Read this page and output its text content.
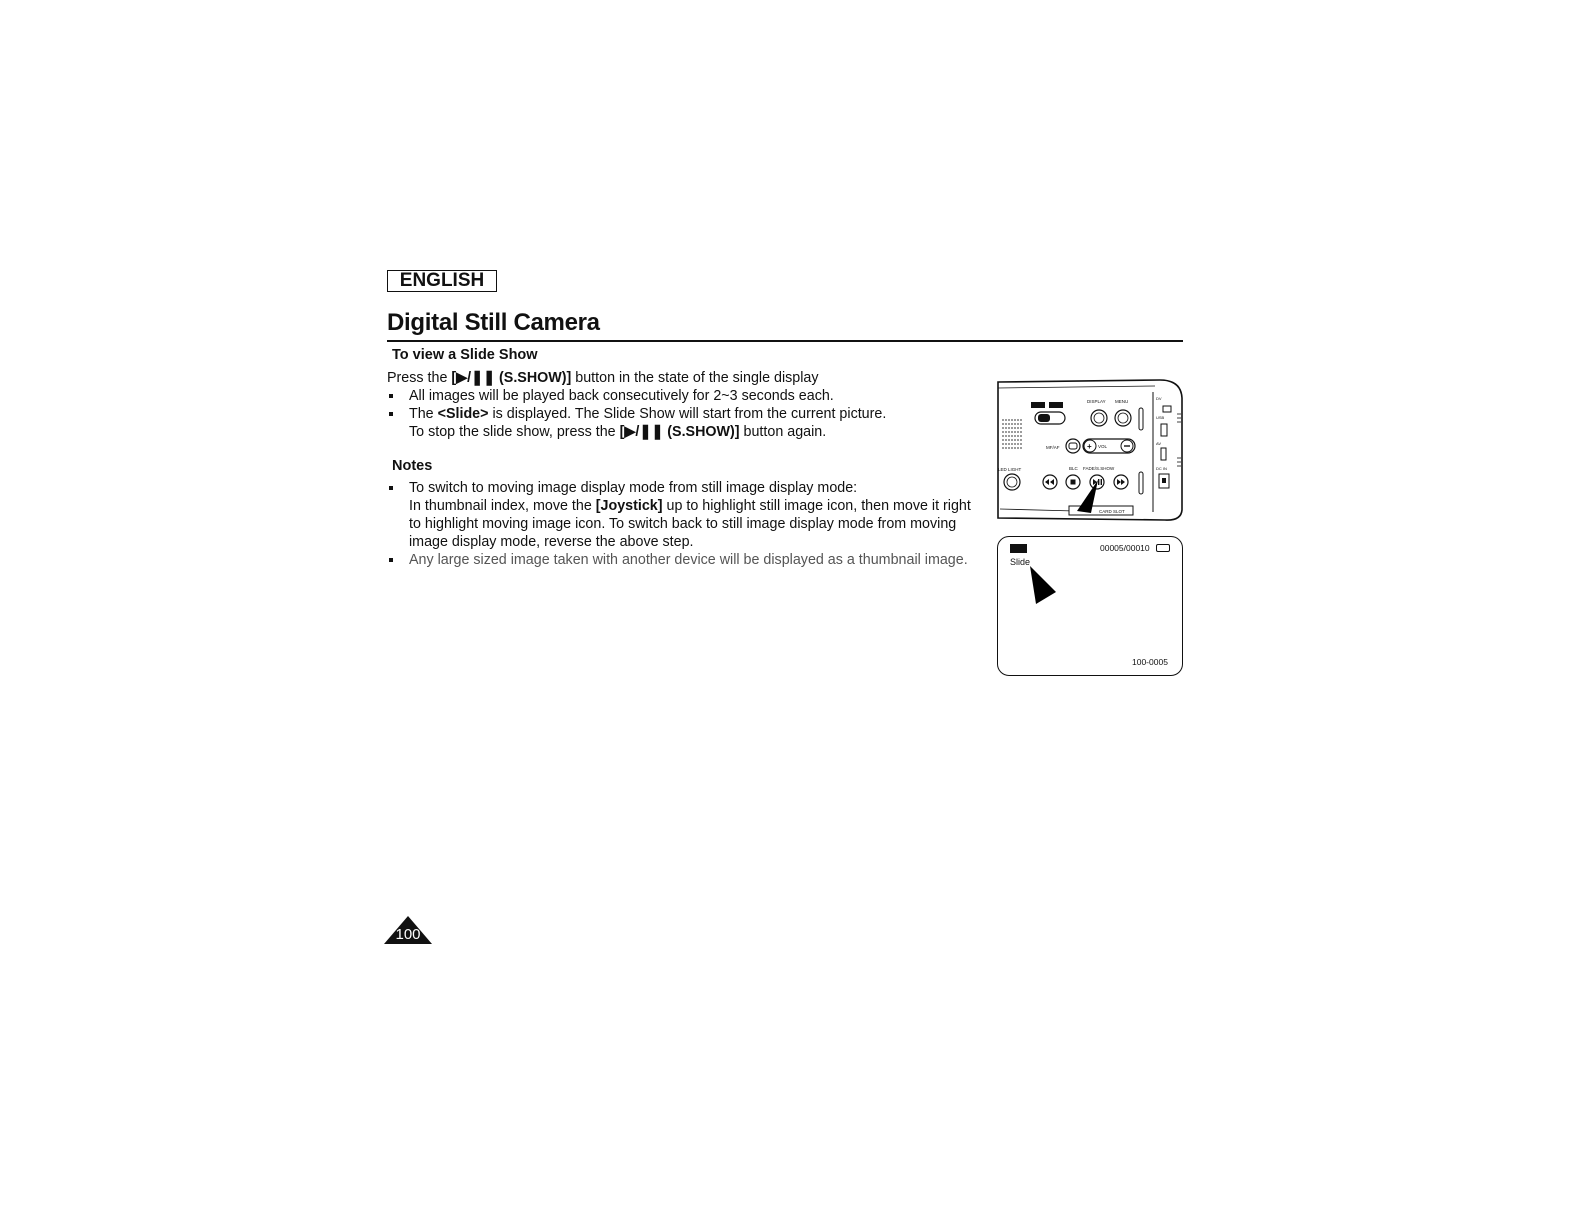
ENGLISH
Digital Still Camera
To view a Slide Show
Press the [▶/❚❚ (S.SHOW)] button in the state of the single display
All images will be played back consecutively for 2~3 seconds each.
The <Slide> is displayed. The Slide Show will start from the current picture.
To stop the slide show, press the [▶/❚❚ (S.SHOW)] button again.
Notes
To switch to moving image display mode from still image display mode:
In thumbnail index, move the [Joystick] up to highlight still image icon, then move it right to highlight moving image icon. To switch back to still image display mode from moving image display mode, reverse the above step.
Any large sized image taken with another device will be displayed as a thumbnail image.
DISPLAY MENU
MF/AF	+ VOL
LED LIGHT	BLC FADE/S.SHOW
DV
USB
AV
DC IN
CARD SLOT
00005/00010
Slide
100-0005
100
